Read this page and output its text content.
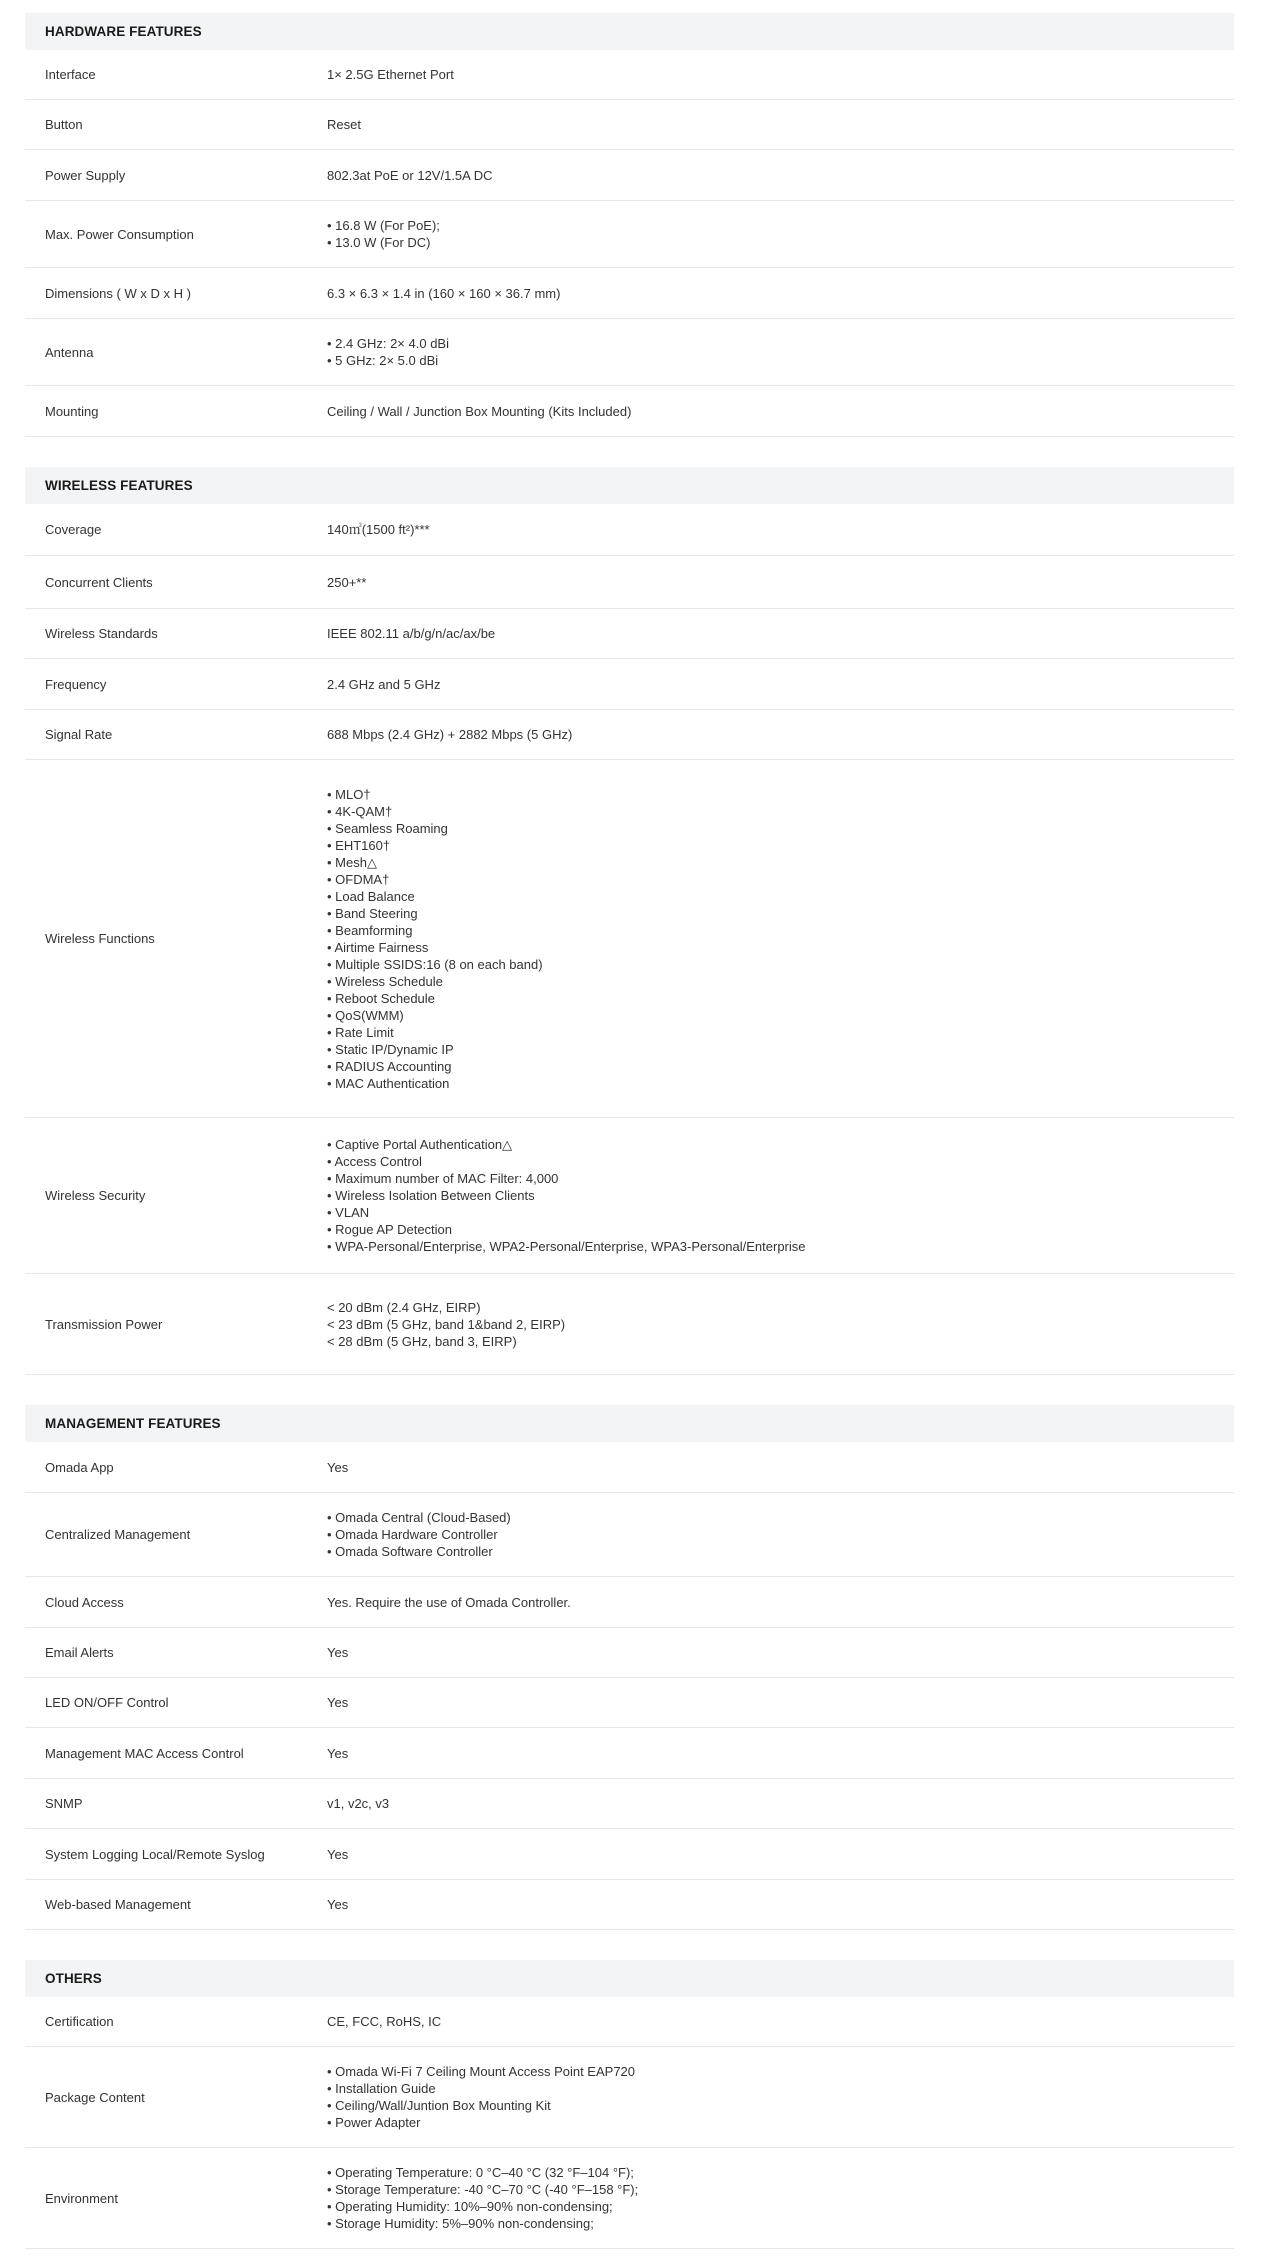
HARDWARE FEATURES
Interface	1× 2.5G Ethernet Port
Button	Reset
Power Supply	802.3at PoE or 12V/1.5A DC
Max. Power Consumption
• 16.8 W (For PoE);
• 13.0 W (For DC)
Dimensions ( W x D x H )	6.3 × 6.3 × 1.4 in (160 × 160 × 36.7 mm)
Antenna
• 2.4 GHz: 2× 4.0 dBi
• 5 GHz: 2× 5.0 dBi
Mounting	Ceiling / Wall / Junction Box Mounting (Kits Included)
WIRELESS FEATURES
Coverage	140㎡(1500 ft²)***
Concurrent Clients	250+**
Wireless Standards	IEEE 802.11 a/b/g/n/ac/ax/be
Frequency	2.4 GHz and 5 GHz
Signal Rate	688 Mbps (2.4 GHz) + 2882 Mbps (5 GHz)
Wireless Functions
• MLO†
• 4K-QAM†
• Seamless Roaming
• EHT160†
• Mesh△
• OFDMA†
• Load Balance
• Band Steering
• Beamforming
• Airtime Fairness
• Multiple SSIDS:16 (8 on each band)
• Wireless Schedule
• Reboot Schedule
• QoS(WMM)
• Rate Limit
• Static IP/Dynamic IP
• RADIUS Accounting
• MAC Authentication
Wireless Security
• Captive Portal Authentication△
• Access Control
• Maximum number of MAC Filter: 4,000
• Wireless Isolation Between Clients
• VLAN
• Rogue AP Detection
• WPA-Personal/Enterprise, WPA2-Personal/Enterprise, WPA3-Personal/Enterprise
Transmission Power
< 20 dBm (2.4 GHz, EIRP)
< 23 dBm (5 GHz, band 1&band 2, EIRP)
< 28 dBm (5 GHz, band 3, EIRP)
MANAGEMENT FEATURES
Omada App	Yes
Centralized Management
• Omada Central (Cloud-Based)
• Omada Hardware Controller
• Omada Software Controller
Cloud Access	Yes. Require the use of Omada Controller.
Email Alerts	Yes
LED ON/OFF Control	Yes
Management MAC Access Control	Yes
SNMP	v1, v2c, v3
System Logging Local/Remote Syslog	Yes
Web-based Management	Yes
OTHERS
Certification	CE, FCC, RoHS, IC
Package Content
• Omada Wi-Fi 7 Ceiling Mount Access Point EAP720
• Installation Guide
• Ceiling/Wall/Juntion Box Mounting Kit
• Power Adapter
Environment
• Operating Temperature: 0 °C–40 °C (32 °F–104 °F);
• Storage Temperature: -40 °C–70 °C (-40 °F–158 °F);
• Operating Humidity: 10%–90% non-condensing;
• Storage Humidity: 5%–90% non-condensing;
